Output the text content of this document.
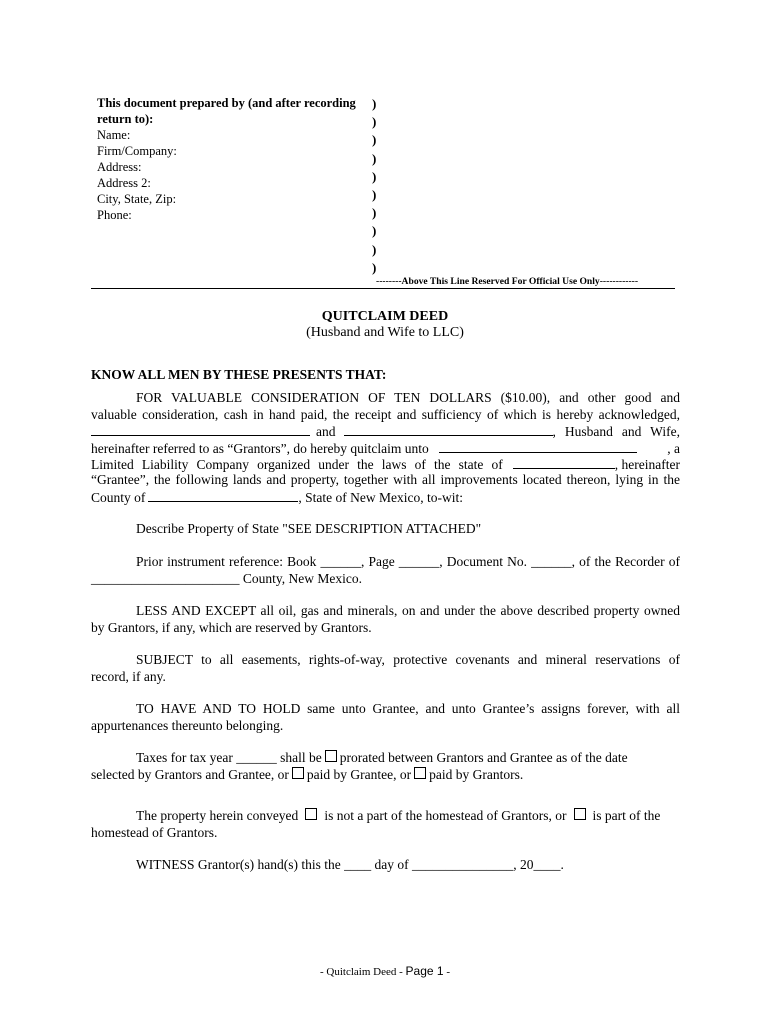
This document prepared by (and after recording
return to):
Name:
Firm/Company:
Address:
Address 2:
City, State, Zip:
Phone:
)
)
)
)
)
)
)
)
)
)
--------Above This Line Reserved For Official Use Only------------
QUITCLAIM DEED
(Husband and Wife to LLC)
KNOW ALL MEN BY THESE PRESENTS THAT:
FOR VALUABLE CONSIDERATION OF TEN DOLLARS ($10.00), and other good and
valuable consideration, cash in hand paid, the receipt and sufficiency of which is hereby acknowledged,
and	, Husband and Wife,
hereinafter referred to as “Grantors”, do hereby quitclaim unto	, a
Limited Liability Company organized under the laws of the state of	, hereinafter
“Grantee”, the following lands and property, together with all improvements located thereon, lying in the
County of	, State of New Mexico, to-wit:
Describe Property of State "SEE DESCRIPTION ATTACHED"
Prior instrument reference: Book ______, Page ______, Document No. ______, of the Recorder of
______________________ County, New Mexico.
LESS AND EXCEPT all oil, gas and minerals, on and under the above described property owned
by Grantors, if any, which are reserved by Grantors.
SUBJECT to all easements, rights-of-way, protective covenants and mineral reservations of
record, if any.
TO HAVE AND TO HOLD same unto Grantee, and unto Grantee’s assigns forever, with all
appurtenances thereunto belonging.
Taxes for tax year ______ shall be prorated between Grantors and Grantee as of the date
selected by Grantors and Grantee, or paid by Grantee, or paid by Grantors.
The property herein conveyed is not a part of the homestead of Grantors, or is part of the
homestead of Grantors.
WITNESS Grantor(s) hand(s) this the ____ day of _______________, 20____.
- Quitclaim Deed - Page 1 -
